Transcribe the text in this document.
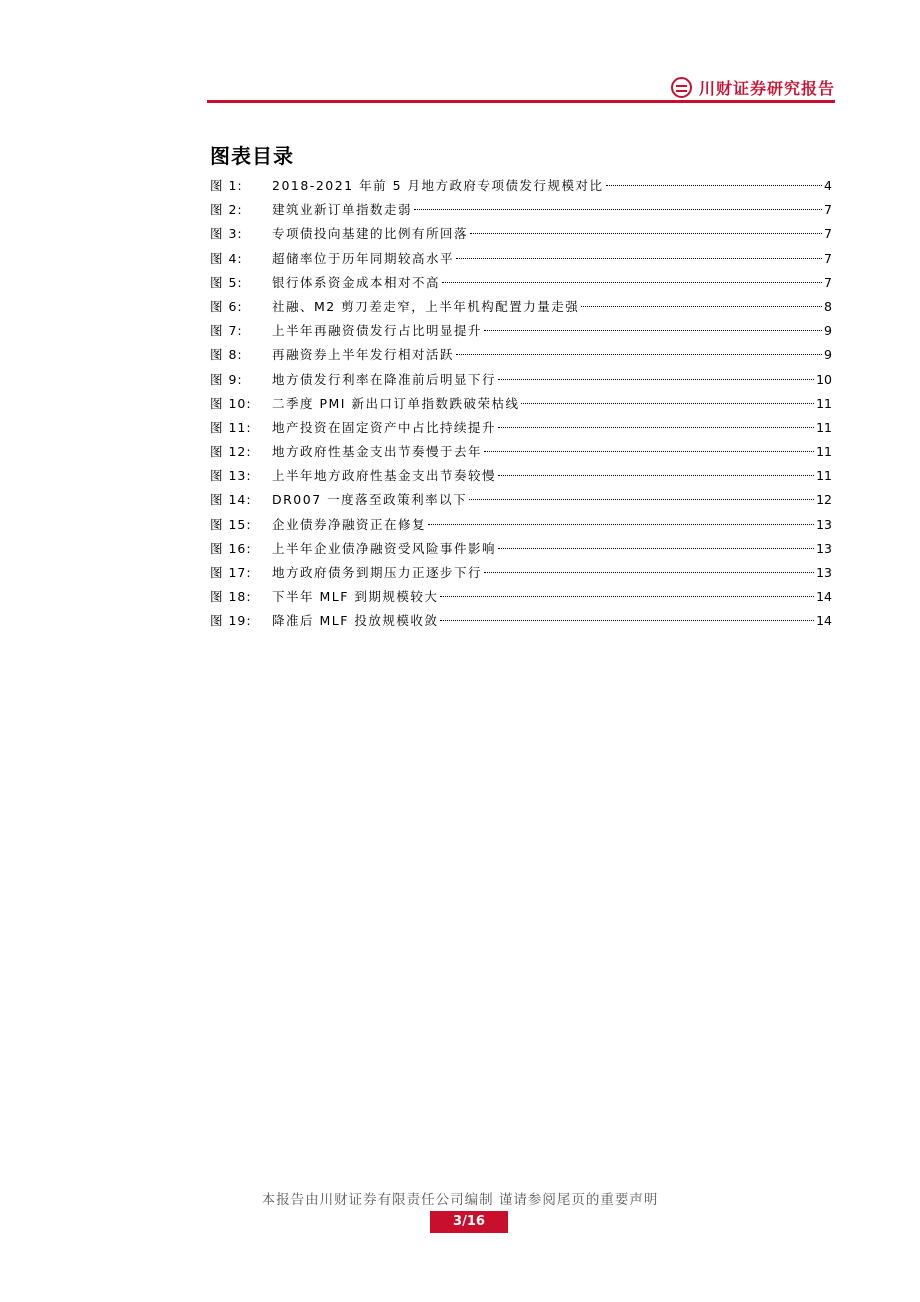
川财证券研究报告
图表目录
图 1:	2018-2021 年前 5 月地方政府专项债发行规模对比	4
图 2:	建筑业新订单指数走弱	7
图 3:	专项债投向基建的比例有所回落	7
图 4:	超储率位于历年同期较高水平	7
图 5:	银行体系资金成本相对不高	7
图 6:	社融、M2 剪刀差走窄，上半年机构配置力量走强	8
图 7:	上半年再融资债发行占比明显提升	9
图 8:	再融资券上半年发行相对活跃	9
图 9:	地方债发行利率在降准前后明显下行	10
图 10:	二季度 PMI 新出口订单指数跌破荣枯线	11
图 11:	地产投资在固定资产中占比持续提升	11
图 12:	地方政府性基金支出节奏慢于去年	11
图 13:	上半年地方政府性基金支出节奏较慢	11
图 14:	DR007 一度落至政策利率以下	12
图 15:	企业债券净融资正在修复	13
图 16:	上半年企业债净融资受风险事件影响	13
图 17:	地方政府债务到期压力正逐步下行	13
图 18:	下半年 MLF 到期规模较大	14
图 19:	降准后 MLF 投放规模收敛	14
本报告由川财证券有限责任公司编制 谨请参阅尾页的重要声明
3/16
